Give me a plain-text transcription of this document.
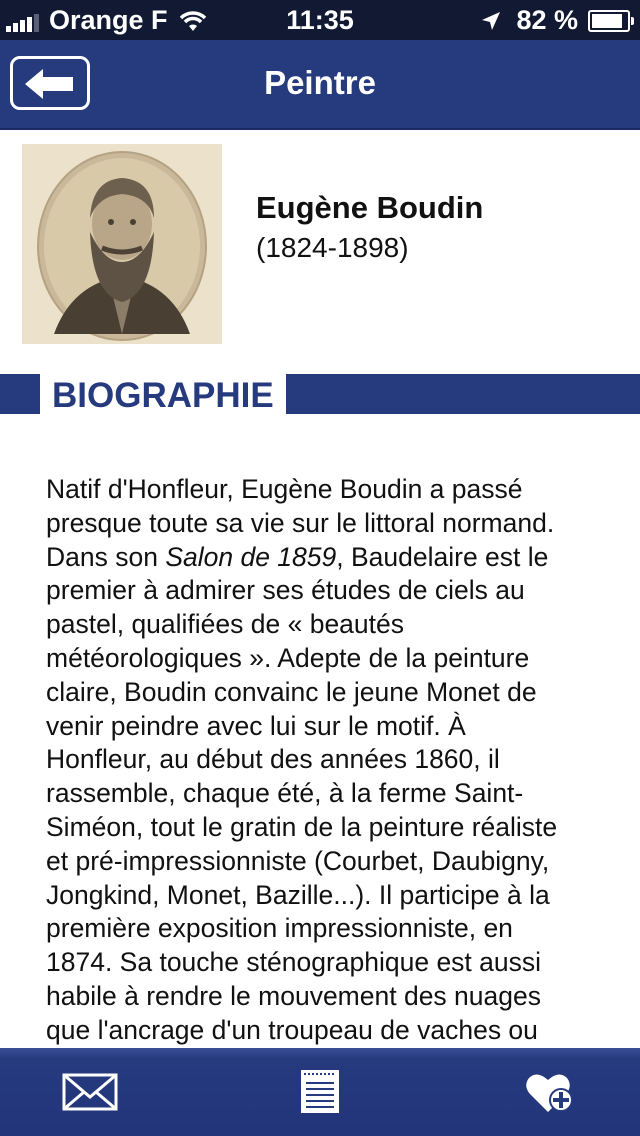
Orange F	11:35	82 %
Peintre
Eugène Boudin
(1824-1898)
BIOGRAPHIE
Natif d'Honfleur, Eugène Boudin a passé
presque toute sa vie sur le littoral normand.
Dans son Salon de 1859, Baudelaire est le
premier à admirer ses études de ciels au
pastel, qualifiées de « beautés
météorologiques ». Adepte de la peinture
claire, Boudin convainc le jeune Monet de
venir peindre avec lui sur le motif. À
Honfleur, au début des années 1860, il
rassemble, chaque été, à la ferme Saint-
Siméon, tout le gratin de la peinture réaliste
et pré-impressionniste (Courbet, Daubigny,
Jongkind, Monet, Bazille...). Il participe à la
première exposition impressionniste, en
1874. Sa touche sténographique est aussi
habile à rendre le mouvement des nuages
que l'ancrage d'un troupeau de vaches ou
